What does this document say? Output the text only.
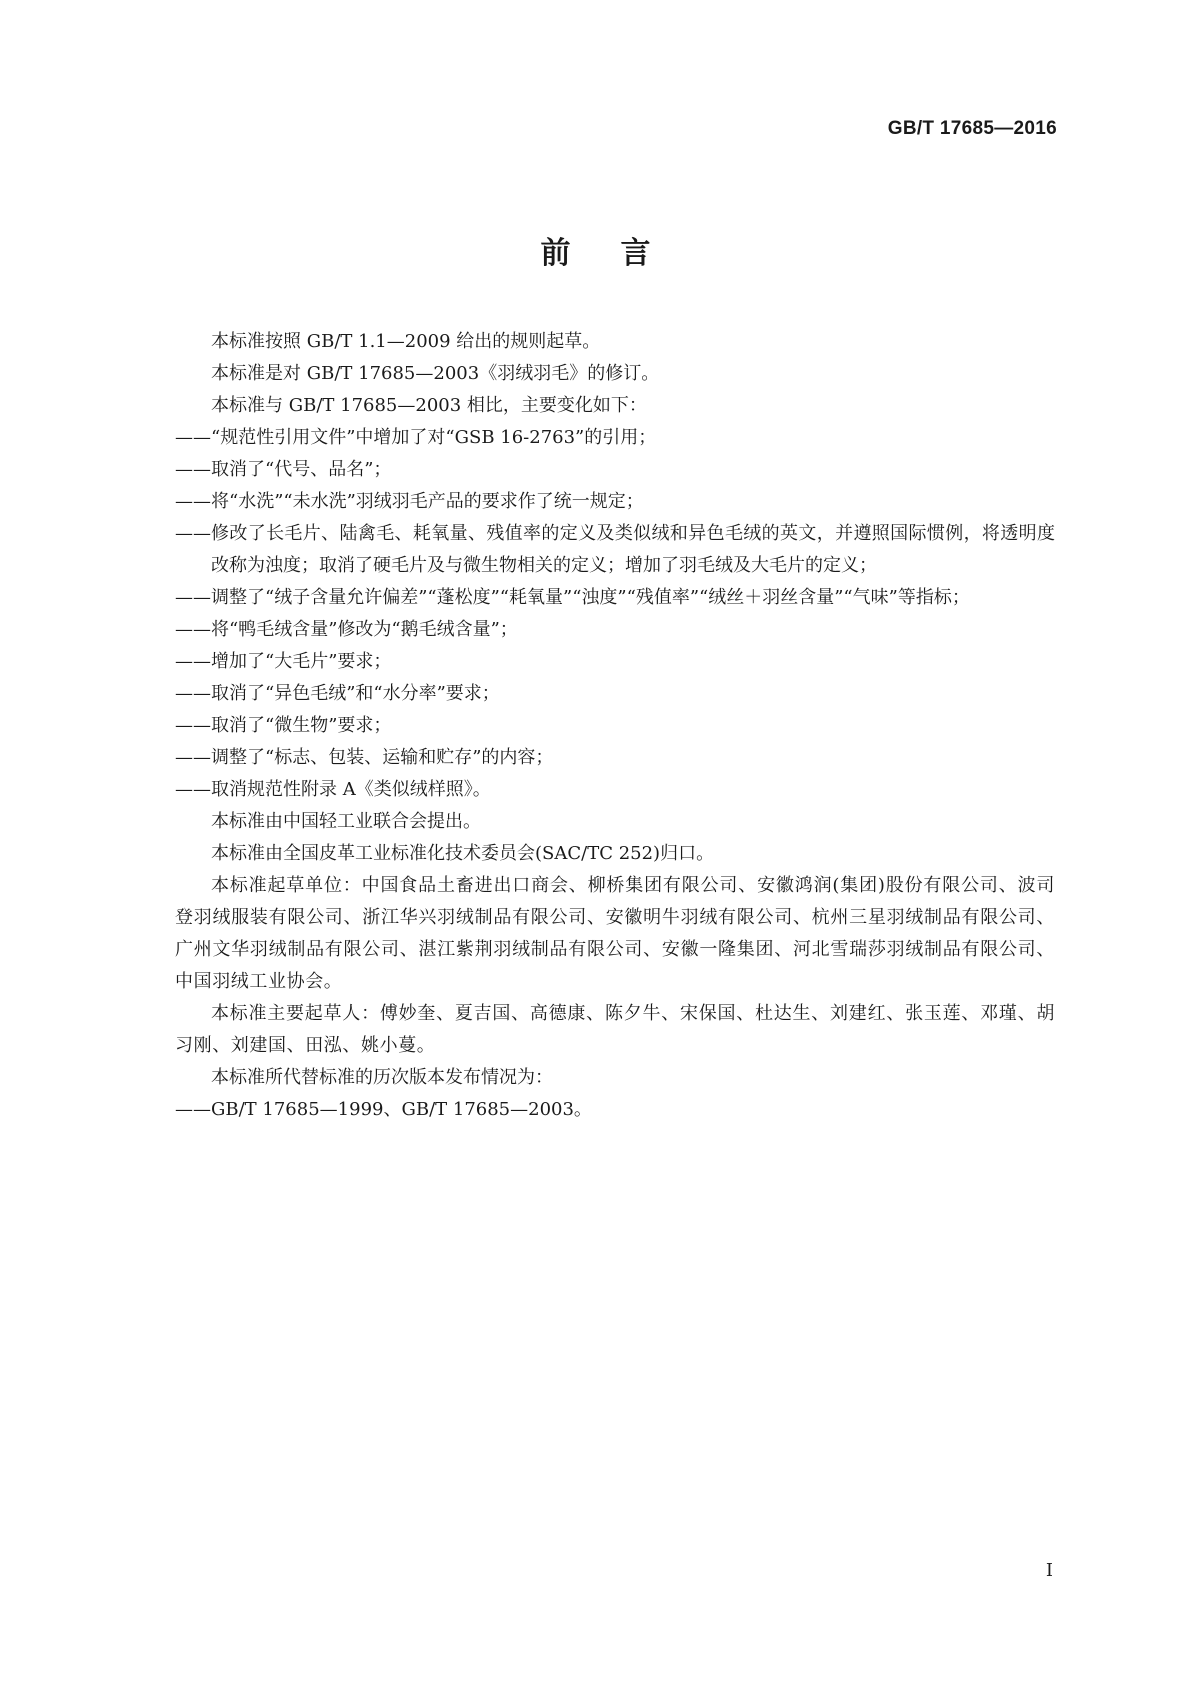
GB/T 17685—2016
前言

本标准按照 GB/T 1.1—2009 给出的规则起草。

本标准是对 GB/T 17685—2003《羽绒羽毛》的修订。

本标准与 GB/T 17685—2003 相比，主要变化如下：

—— “规范性引用文件”中增加了对“GSB 16-2763”的引用；
—— 取消了“代号、品名”；
—— 将“水洗”“未水洗”羽绒羽毛产品的要求作了统一规定；
—— 修改了长毛片、陆禽毛、耗氧量、残值率的定义及类似绒和异色毛绒的英文，并遵照国际惯例，将透明度改称为浊度；取消了硬毛片及与微生物相关的定义；增加了羽毛绒及大毛片的定义；
—— 调整了“绒子含量允许偏差”“蓬松度”“耗氧量”“浊度”“残值率”“绒丝＋羽丝含量”“气味”等指标；
—— 将“鸭毛绒含量”修改为“鹅毛绒含量”；
—— 增加了“大毛片”要求；
—— 取消了“异色毛绒”和“水分率”要求；
—— 取消了“微生物”要求；
—— 调整了“标志、包装、运输和贮存”的内容；
—— 取消规范性附录 A《类似绒样照》。

本标准由中国轻工业联合会提出。

本标准由全国皮革工业标准化技术委员会(SAC/TC 252)归口。

本标准起草单位：中国食品土畜进出口商会、柳桥集团有限公司、安徽鸿润(集团)股份有限公司、波司登羽绒服装有限公司、浙江华兴羽绒制品有限公司、安徽明牛羽绒有限公司、杭州三星羽绒制品有限公司、广州文华羽绒制品有限公司、湛江紫荆羽绒制品有限公司、安徽一隆集团、河北雪瑞莎羽绒制品有限公司、中国羽绒工业协会。

本标准主要起草人：傅妙奎、夏吉国、高德康、陈夕牛、宋保国、杜达生、刘建红、张玉莲、邓瑾、胡习刚、刘建国、田泓、姚小蔓。

本标准所代替标准的历次版本发布情况为：

—— GB/T 17685—1999、GB/T 17685—2003。
I
